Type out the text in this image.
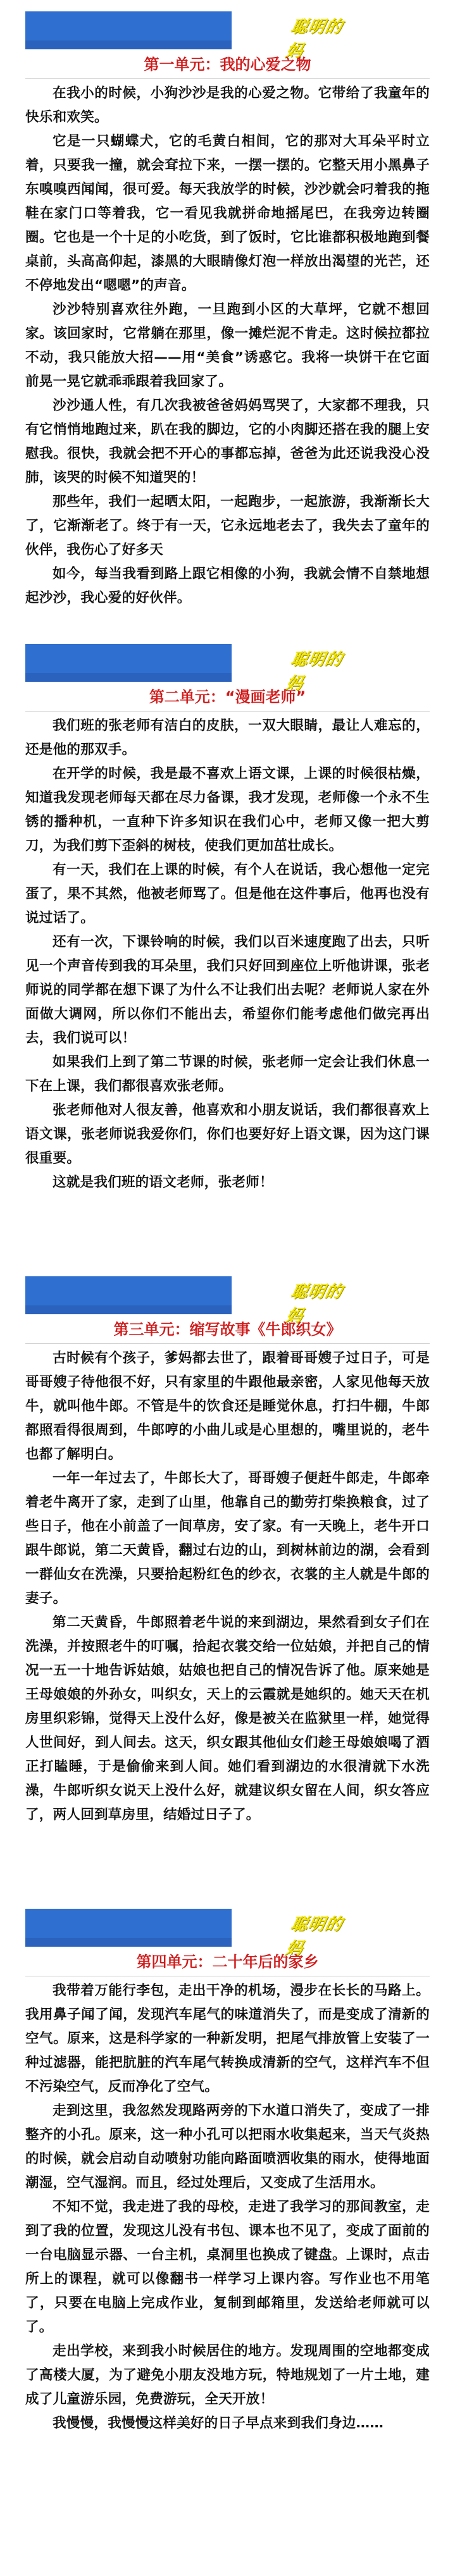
聪明的妈
第一单元：我的心爱之物

在我小的时候，小狗沙沙是我的心爱之物。它带给了我童年的快乐和欢笑。

它是一只蝴蝶犬，它的毛黄白相间，它的那对大耳朵平时立着，只要我一撞，就会耷拉下来，一摆一摆的。它整天用小黑鼻子东嗅嗅西闻闻，很可爱。每天我放学的时候，沙沙就会叼着我的拖鞋在家门口等着我，它一看见我就拼命地摇尾巴，在我旁边转圈圈。它也是一个十足的小吃货，到了饭时，它比谁都积极地跑到餐桌前，头高高仰起，漆黑的大眼睛像灯泡一样放出渴望的光芒，还不停地发出“嗯嗯”的声音。

沙沙特别喜欢往外跑，一旦跑到小区的大草坪，它就不想回家。该回家时，它常躺在那里，像一摊烂泥不肯走。这时候拉都拉不动，我只能放大招——用“美食”诱惑它。我将一块饼干在它面前晃一晃它就乖乖跟着我回家了。

沙沙通人性，有几次我被爸爸妈妈骂哭了，大家都不理我，只有它悄悄地跑过来，趴在我的脚边，它的小肉脚还搭在我的腿上安慰我。很快，我就会把不开心的事都忘掉，爸爸为此还说我没心没肺，该哭的时候不知道哭的！

那些年，我们一起晒太阳，一起跑步，一起旅游，我渐渐长大了，它渐渐老了。终于有一天，它永远地老去了，我失去了童年的伙伴，我伤心了好多天

如今，每当我看到路上跟它相像的小狗，我就会情不自禁地想起沙沙，我心爱的好伙伴。

聪明的妈
第二单元：“漫画老师”

我们班的张老师有洁白的皮肤，一双大眼睛，最让人难忘的，还是他的那双手。

在开学的时候，我是最不喜欢上语文课，上课的时候很枯燥，知道我发现老师每天都在尽力备课，我才发现，老师像一个永不生锈的播种机，一直种下许多知识在我们心中，老师又像一把大剪刀，为我们剪下歪斜的树枝，使我们更加茁壮成长。

有一天，我们在上课的时候，有个人在说话，我心想他一定完蛋了，果不其然，他被老师骂了。但是他在这件事后，他再也没有说过话了。

还有一次，下课铃响的时候，我们以百米速度跑了出去，只听见一个声音传到我的耳朵里，我们只好回到座位上听他讲课，张老师说的同学都在想下课了为什么不让我们出去呢？老师说人家在外面做大调网，所以你们不能出去，希望你们能考虑他们做完再出去，我们说可以！

如果我们上到了第二节课的时候，张老师一定会让我们休息一下在上课，我们都很喜欢张老师。

张老师他对人很友善，他喜欢和小朋友说话，我们都很喜欢上语文课，张老师说我爱你们，你们也要好好上语文课，因为这门课很重要。

这就是我们班的语文老师，张老师！

聪明的妈
第三单元：缩写故事《牛郎织女》

古时候有个孩子，爹妈都去世了，跟着哥哥嫂子过日子，可是哥哥嫂子待他很不好，只有家里的牛跟他最亲密，人家见他每天放牛，就叫他牛郎。不管是牛的饮食还是睡觉休息，打扫牛棚，牛郎都照看得很周到，牛郎哼的小曲儿或是心里想的，嘴里说的，老牛也都了解明白。

一年一年过去了，牛郎长大了，哥哥嫂子便赶牛郎走，牛郎牵着老牛离开了家，走到了山里，他靠自己的勤劳打柴换粮食，过了些日子，他在小前盖了一间草房，安了家。有一天晚上，老牛开口跟牛郎说，第二天黄昏，翻过右边的山，到树林前边的湖，会看到一群仙女在洗澡，只要拾起粉红色的纱衣，衣裳的主人就是牛郎的妻子。

第二天黄昏，牛郎照着老牛说的来到湖边，果然看到女子们在洗澡，并按照老牛的叮嘱，拾起衣裳交给一位姑娘，并把自己的情况一五一十地告诉姑娘，姑娘也把自己的情况告诉了他。原来她是王母娘娘的外孙女，叫织女，天上的云霞就是她织的。她天天在机房里织彩锦，觉得天上没什么好，像是被关在监狱里一样，她觉得人世间好，到人间去。这天，织女跟其他仙女们趁王母娘娘喝了酒正打瞌睡，于是偷偷来到人间。她们看到湖边的水很清就下水洗澡，牛郎听织女说天上没什么好，就建议织女留在人间，织女答应了，两人回到草房里，结婚过日子了。

聪明的妈
第四单元：二十年后的家乡

我带着万能行李包，走出干净的机场，漫步在长长的马路上。我用鼻子闻了闻，发现汽车尾气的味道消失了，而是变成了清新的空气。原来，这是科学家的一种新发明，把尾气排放管上安装了一种过滤器，能把肮脏的汽车尾气转换成清新的空气，这样汽车不但不污染空气，反而净化了空气。

走到这里，我忽然发现路两旁的下水道口消失了，变成了一排整齐的小孔。原来，这一种小孔可以把雨水收集起来，当天气炎热的时候，就会启动自动喷射功能向路面喷洒收集的雨水，使得地面潮湿，空气湿润。而且，经过处理后，又变成了生活用水。

不知不觉，我走进了我的母校，走进了我学习的那间教室，走到了我的位置，发现这儿没有书包、课本也不见了，变成了面前的一台电脑显示器、一台主机，桌洞里也换成了键盘。上课时，点击所上的课程，就可以像翻书一样学习上课内容。写作业也不用笔了，只要在电脑上完成作业，复制到邮箱里，发送给老师就可以了。

走出学校，来到我小时候居住的地方。发现周围的空地都变成了高楼大厦，为了避免小朋友没地方玩，特地规划了一片土地，建成了儿童游乐园，免费游玩，全天开放！

我慢慢，我慢慢这样美好的日子早点来到我们身边……
